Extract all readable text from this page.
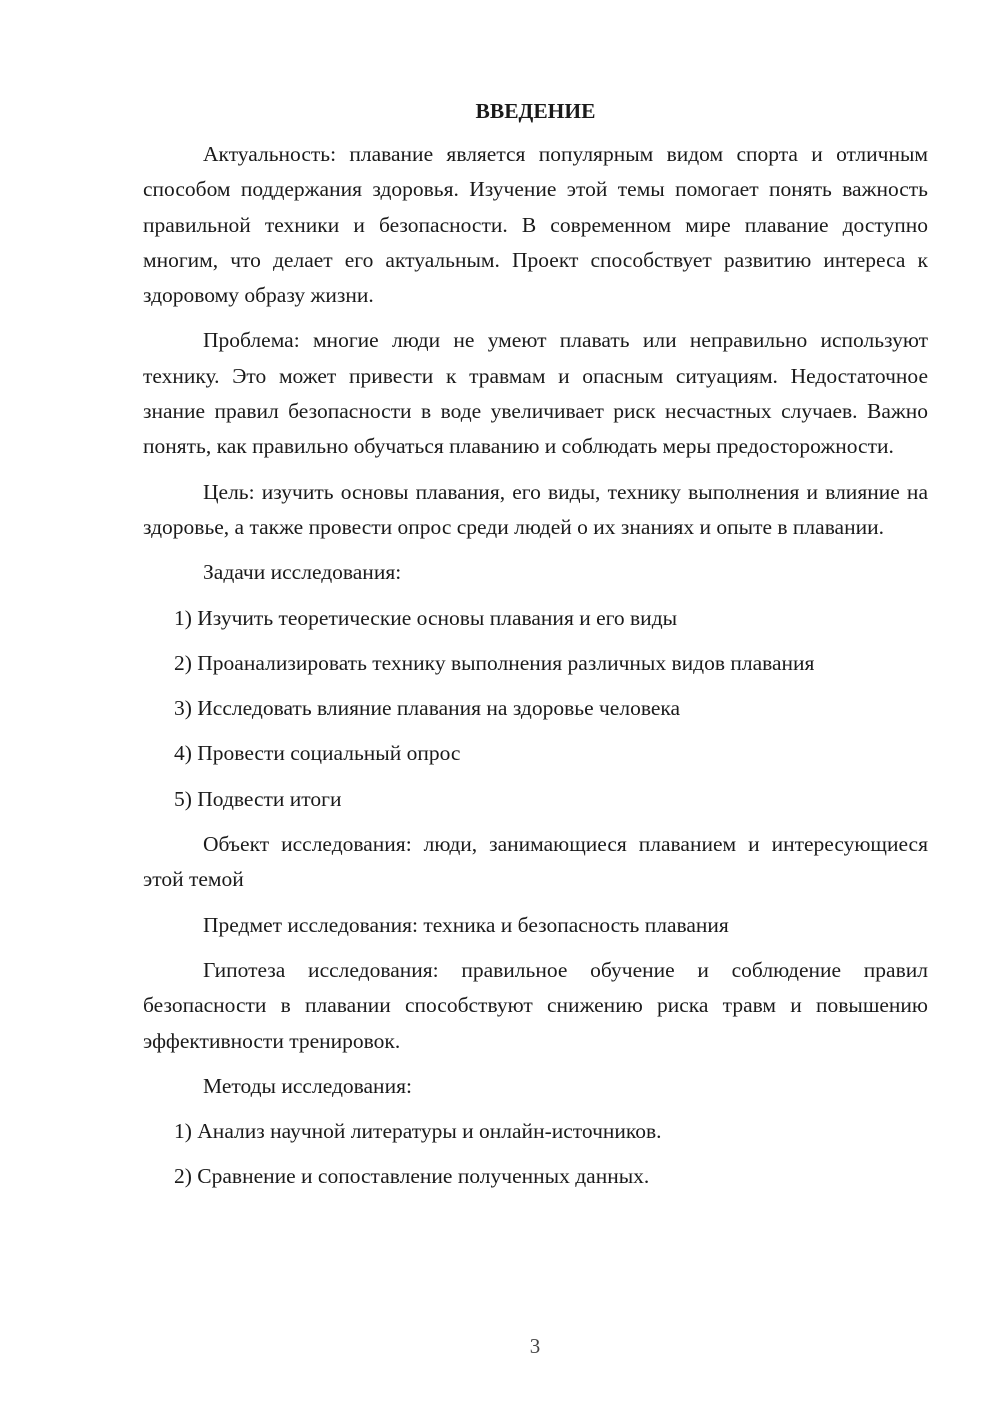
ВВЕДЕНИЕ

Актуальность: плавание является популярным видом спорта и отличным способом поддержания здоровья. Изучение этой темы помогает понять важность правильной техники и безопасности. В современном мире плавание доступно многим, что делает его актуальным. Проект способствует развитию интереса к здоровому образу жизни.

Проблема: многие люди не умеют плавать или неправильно используют технику. Это может привести к травмам и опасным ситуациям. Недостаточное знание правил безопасности в воде увеличивает риск несчастных случаев. Важно понять, как правильно обучаться плаванию и соблюдать меры предосторожности.

Цель: изучить основы плавания, его виды, технику выполнения и влияние на здоровье, а также провести опрос среди людей о их знаниях и опыте в плавании.

Задачи исследования:

1) Изучить теоретические основы плавания и его виды

2) Проанализировать технику выполнения различных видов плавания

3) Исследовать влияние плавания на здоровье человека

4) Провести социальный опрос

5) Подвести итоги

Объект исследования: люди, занимающиеся плаванием и интересующиеся этой темой

Предмет исследования: техника и безопасность плавания

Гипотеза исследования: правильное обучение и соблюдение правил безопасности в плавании способствуют снижению риска травм и повышению эффективности тренировок.

Методы исследования:

1) Анализ научной литературы и онлайн-источников.

2) Сравнение и сопоставление полученных данных.

3
